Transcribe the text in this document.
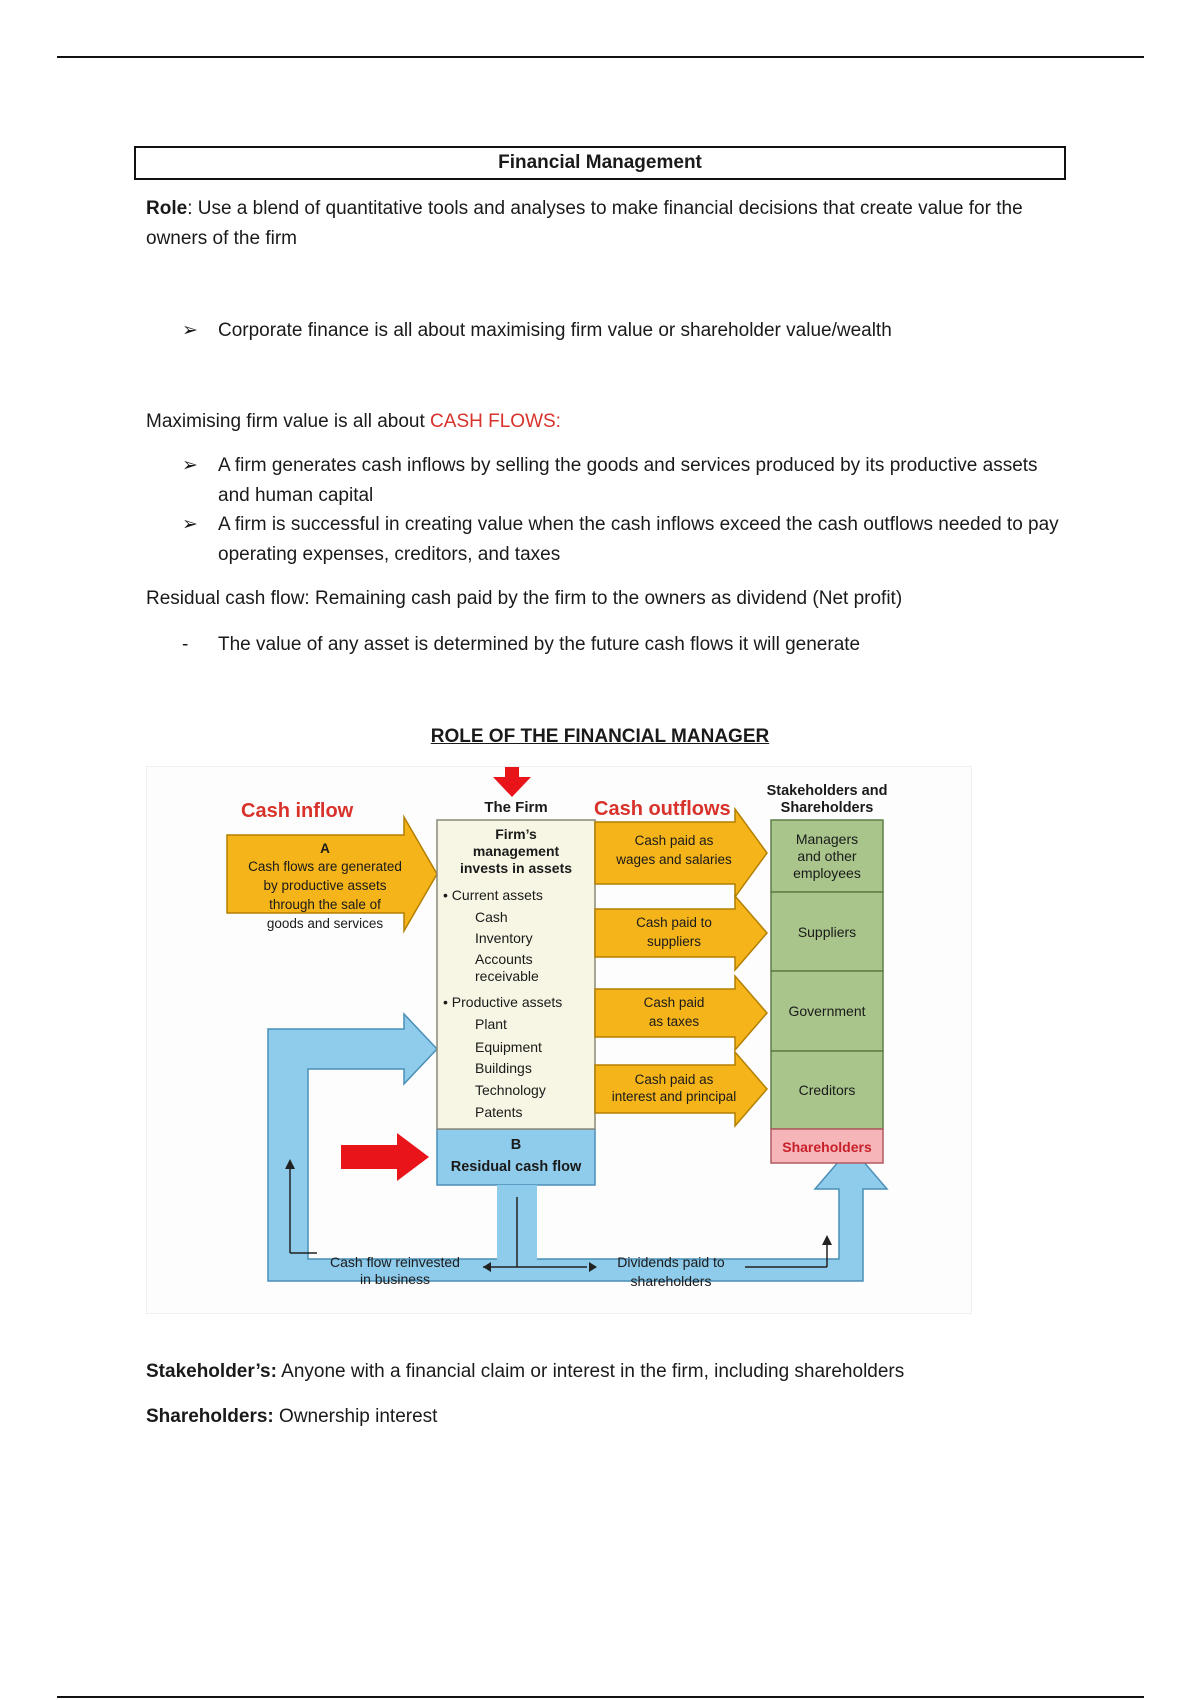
Financial Management

Role: Use a blend of quantitative tools and analyses to make financial decisions that create value for the owners of the firm

➢	Corporate finance is all about maximising firm value or shareholder value/wealth

Maximising firm value is all about CASH FLOWS:

➢	A firm generates cash inflows by selling the goods and services produced by its productive assets and human capital
➢	A firm is successful in creating value when the cash inflows exceed the cash outflows needed to pay operating expenses, creditors, and taxes

Residual cash flow: Remaining cash paid by the firm to the owners as dividend (Net profit)

-	The value of any asset is determined by the future cash flows it will generate
ROLE OF THE FINANCIAL MANAGER
Cash inflow
A
Cash flows are generated
by productive assets
through the sale of
goods and services
The Firm
Firm’s
management
invests in assets
• Current assets
Cash
Inventory
Accounts
receivable
• Productive assets
Plant
Equipment
Buildings
Technology
Patents
B
Residual cash flow
Cash outflows
Cash paid as
wages and salaries
Cash paid to
suppliers
Cash paid
as taxes
Cash paid as
interest and principal
Stakeholders and
Shareholders
Managers
and other
employees
Suppliers
Government
Creditors
Shareholders
Cash flow reinvested
in business
Dividends paid to
shareholders

Stakeholder’s: Anyone with a financial claim or interest in the firm, including shareholders

Shareholders: Ownership interest
